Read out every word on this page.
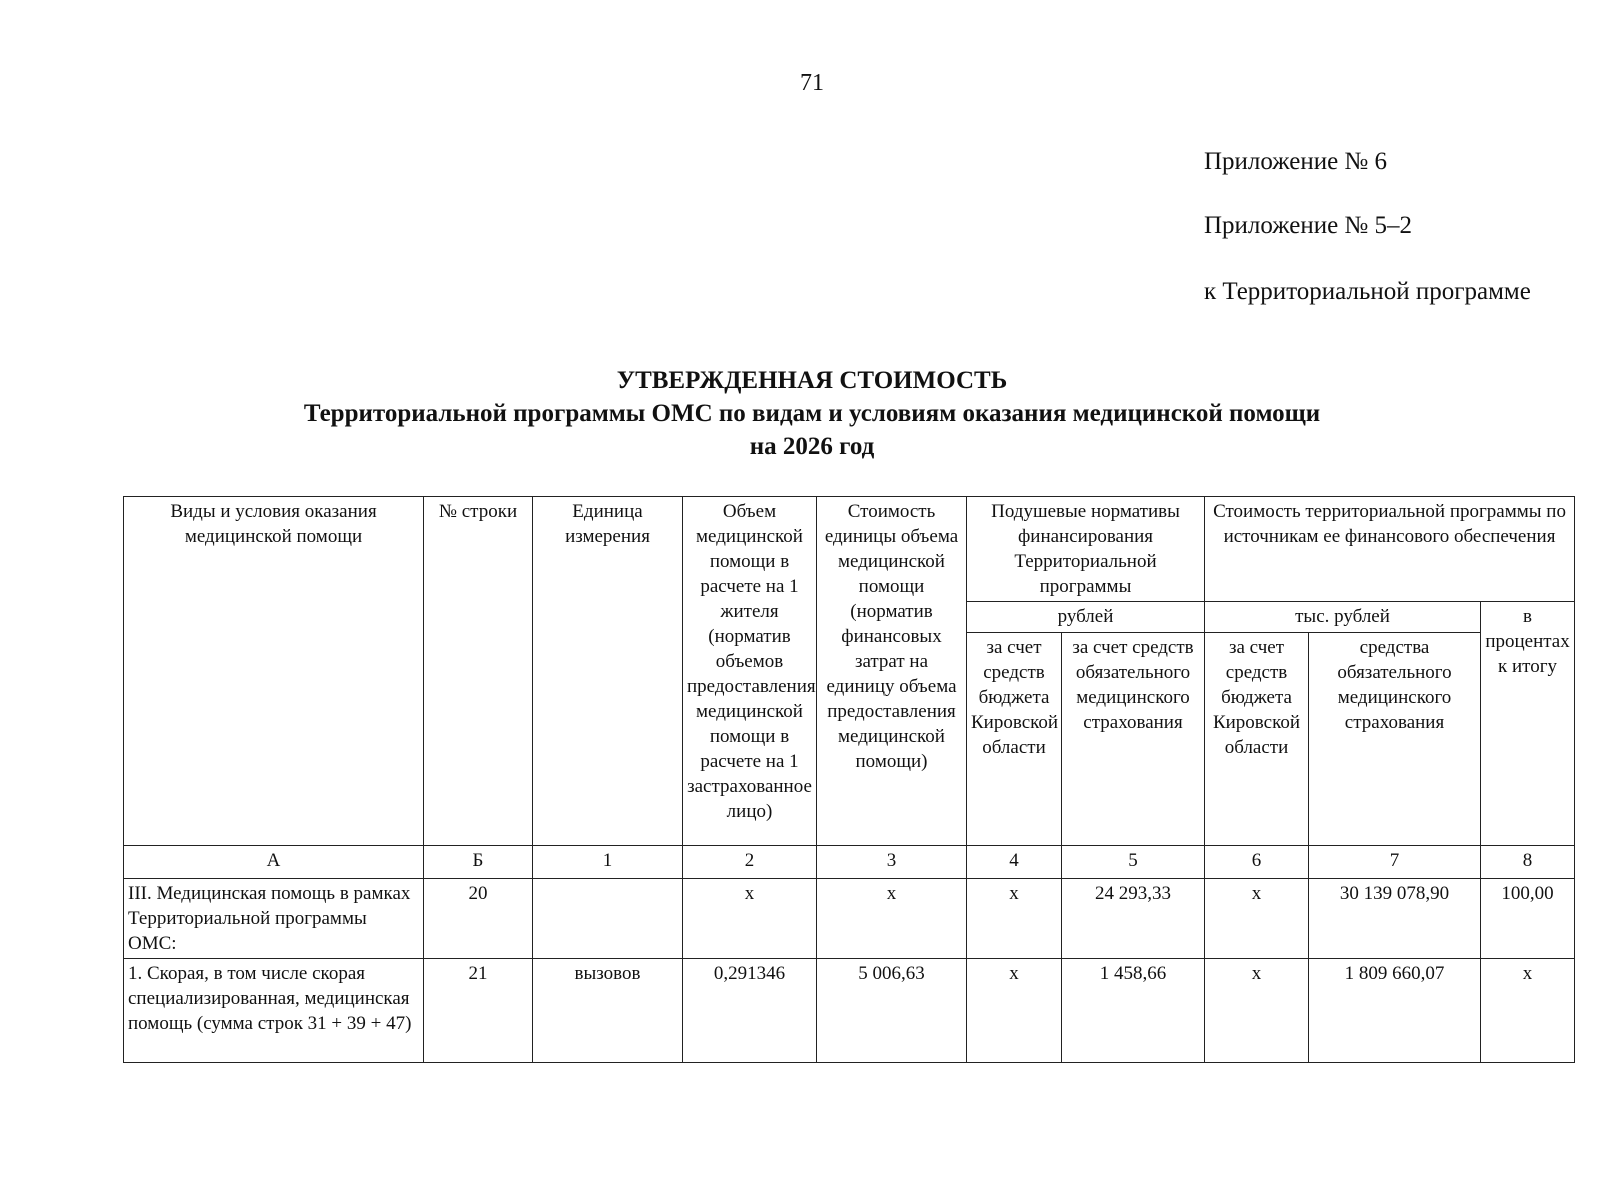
71
Приложение № 6
Приложение № 5–2
к Территориальной программе
УТВЕРЖДЕННАЯ СТОИМОСТЬ
Территориальной программы ОМС по видам и условиям оказания медицинской помощи
на 2026 год
Виды и условия оказания медицинской помощи	№ строки	Единица измерения	Объем медицинской помощи в расчете на 1 жителя (норматив объемов предоставления медицинской помощи в расчете на 1 застрахованное лицо)	Стоимость единицы объема медицинской помощи (норматив финансовых затрат на единицу объема предоставления медицинской помощи)	Подушевые нормативы финансирования Территориальной программы		Стоимость территориальной программы по источникам ее финансового обеспечения		
					рублей		тыс. рублей		в процентах к итогу
					за счет средств бюджета Кировской области	за счет средств обязательного медицинского страхования	за счет средств бюджета Кировской области	средства обязательного медицинского страхования	
А	Б	1	2	3	4	5	6	7	8
III. Медицинская помощь в рамках Территориальной программы ОМС:	20		х	х	х	24 293,33	х	30 139 078,90	100,00
1. Скорая, в том числе скорая специализированная, медицинская помощь (сумма строк 31 + 39 + 47)	21	вызовов	0,291346	5 006,63	х	1 458,66	х	1 809 660,07	х
